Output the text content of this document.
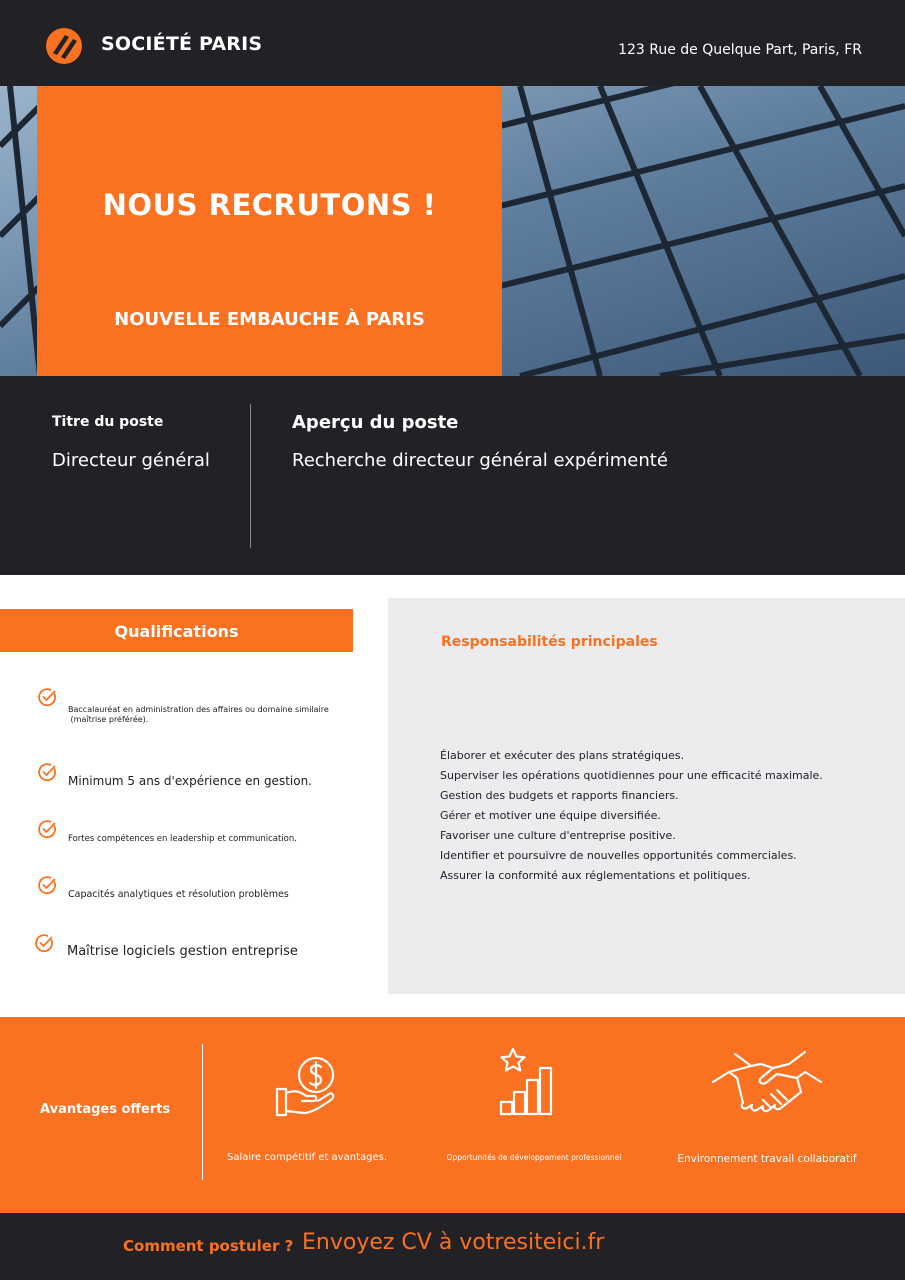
SOCIÉTÉ PARIS	123 Rue de Quelque Part, Paris, FR
NOUS RECRUTONS !
NOUVELLE EMBAUCHE À PARIS
Titre du poste
Directeur général
Aperçu du poste
Recherche directeur général expérimenté
Qualifications
Baccalauréat en administration des affaires ou domaine similaire
(maîtrise préférée).
Minimum 5 ans d'expérience en gestion.
Fortes compétences en leadership et communication.
Capacités analytiques et résolution problèmes
Maîtrise logiciels gestion entreprise
Responsabilités principales
Élaborer et exécuter des plans stratégiques.
Superviser les opérations quotidiennes pour une efficacité maximale.
Gestion des budgets et rapports financiers.
Gérer et motiver une équipe diversifiée.
Favoriser une culture d'entreprise positive.
Identifier et poursuivre de nouvelles opportunités commerciales.
Assurer la conformité aux réglementations et politiques.
Avantages offerts
Salaire compétitif et avantages.	Opportunités de développement professionnel	Environnement travail collaboratif
Comment postuler ? Envoyez CV à votresiteici.fr
